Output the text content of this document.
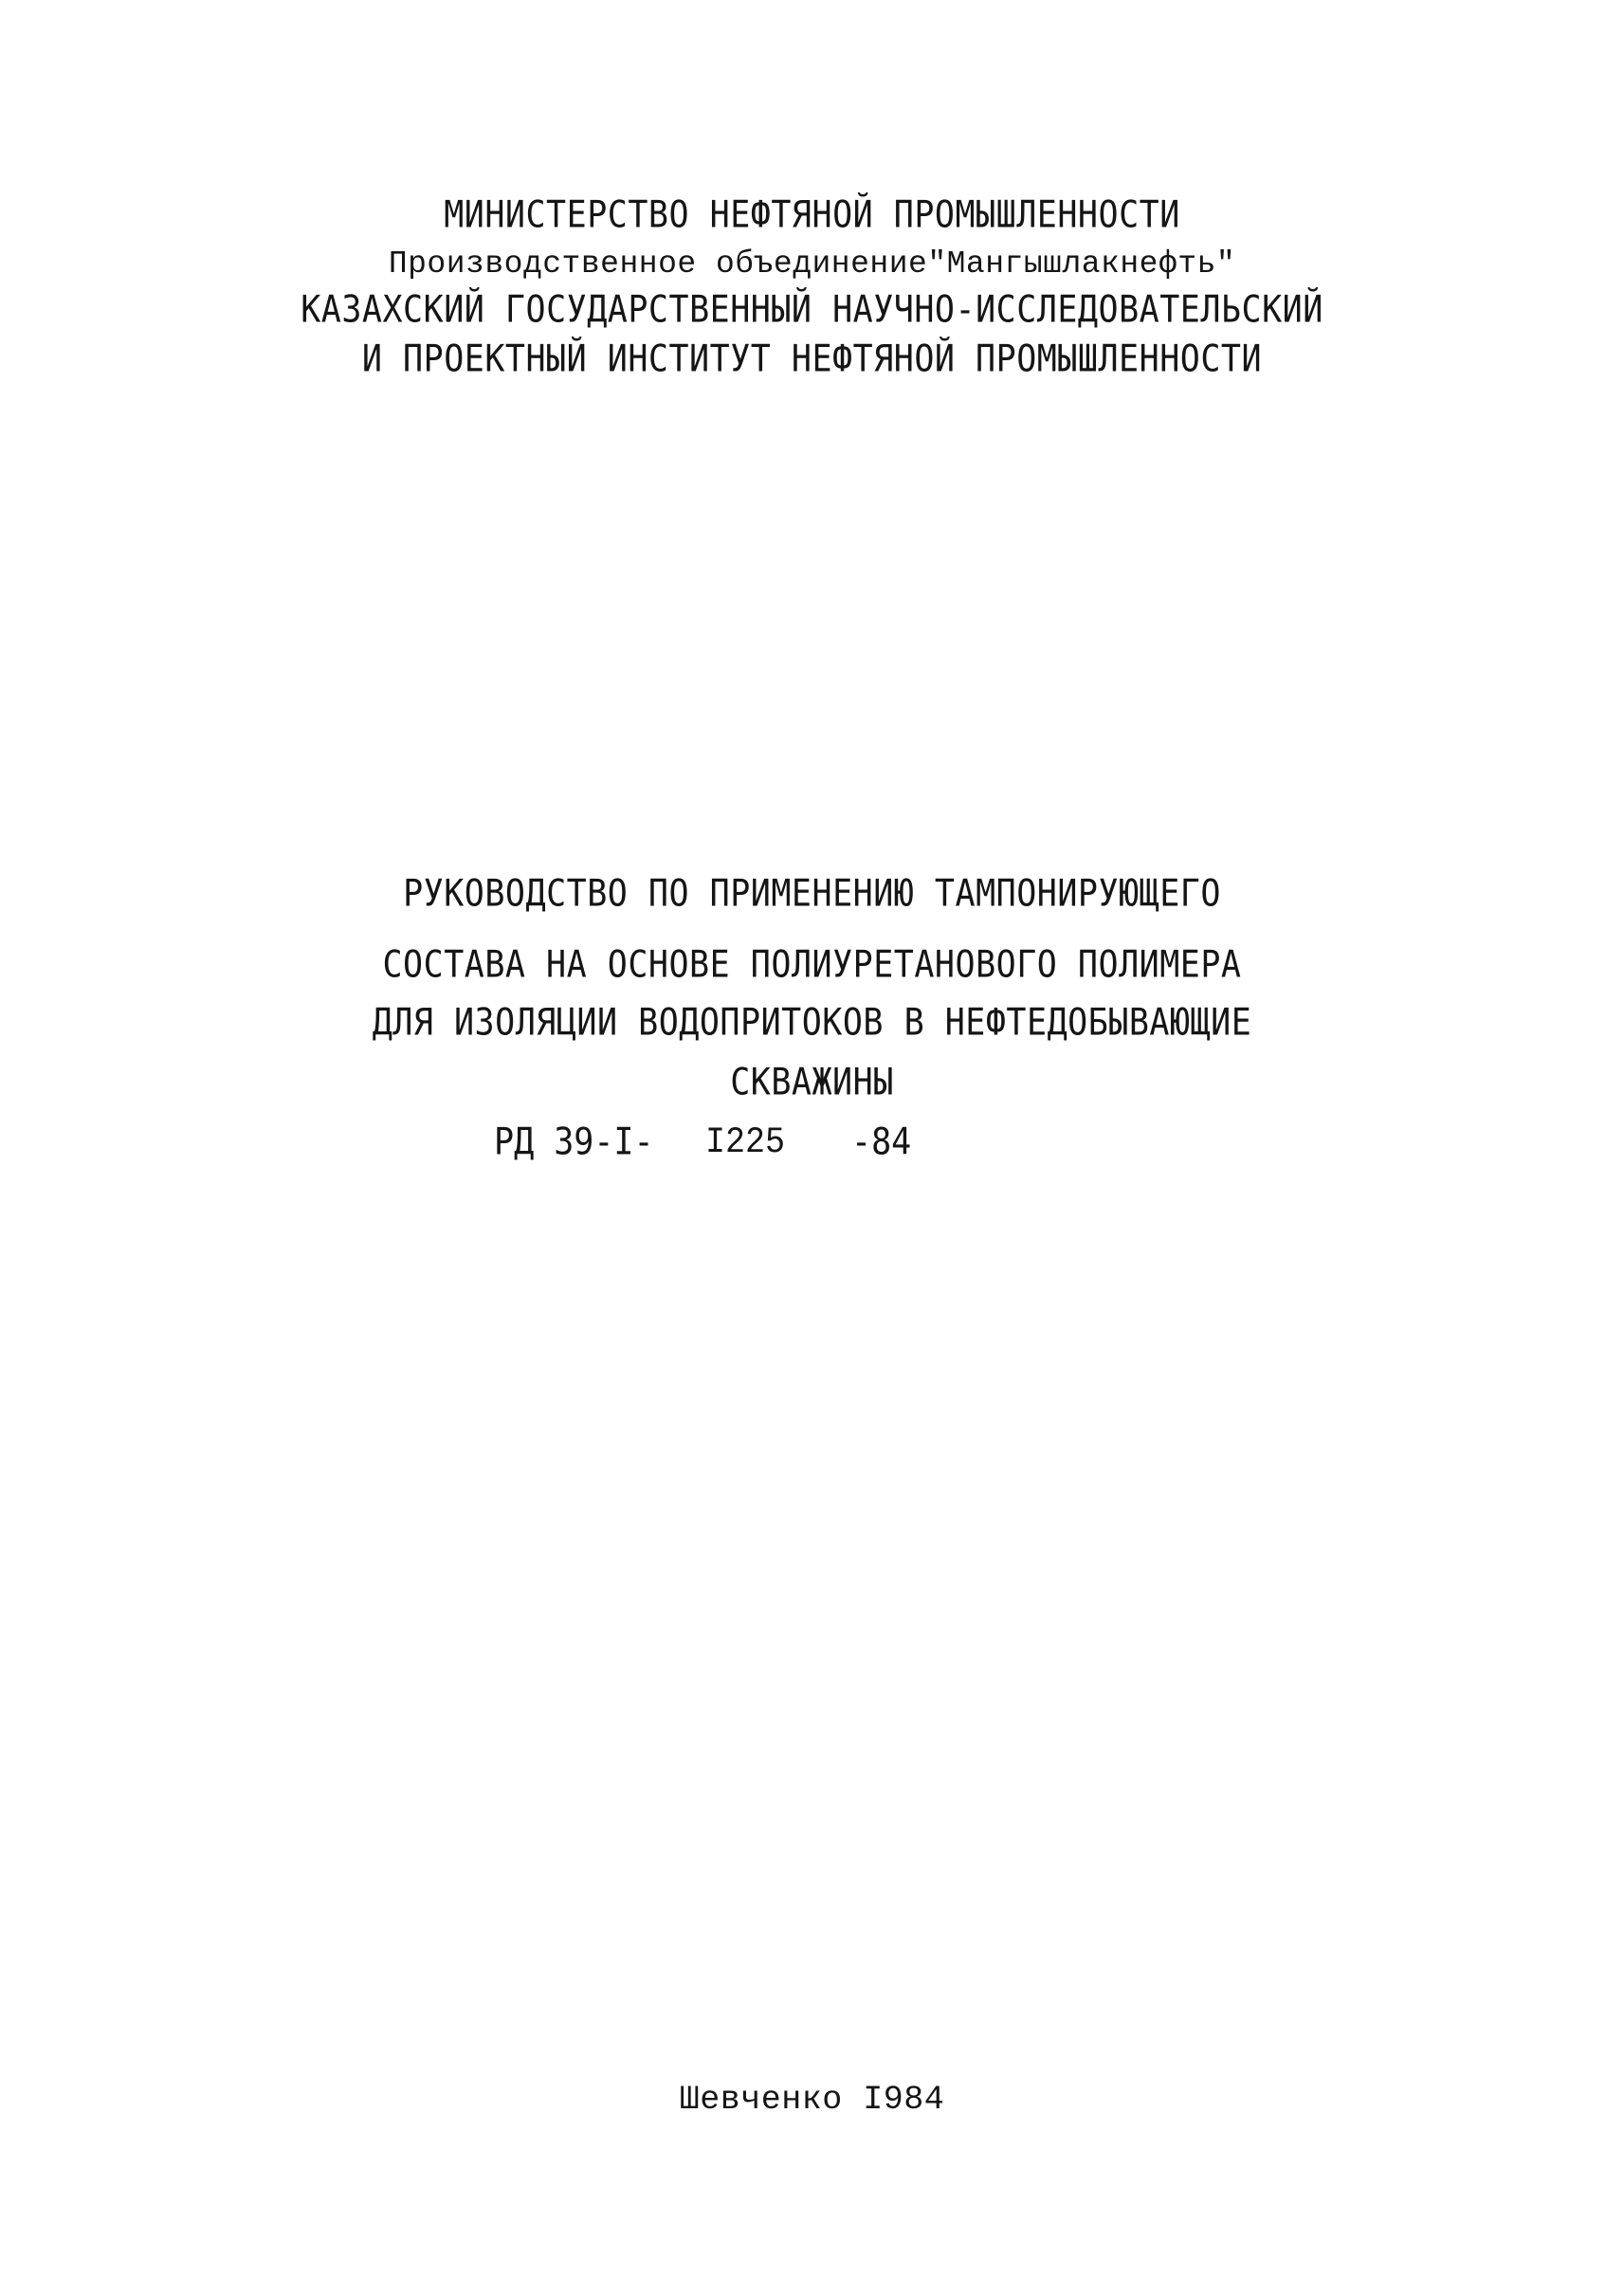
МИНИСТЕРСТВО НЕФТЯНОЙ ПРОМЫШЛЕННОСТИ
Производственное объединение"Мангышлакнефть"
КАЗАХСКИЙ ГОСУДАРСТВЕННЫЙ НАУЧНО-ИССЛЕДОВАТЕЛЬСКИЙ
И ПРОЕКТНЫЙ ИНСТИТУТ НЕФТЯНОЙ ПРОМЫШЛЕННОСТИ
РУКОВОДСТВО ПО ПРИМЕНЕНИЮ ТАМПОНИРУЮЩЕГО
СОСТАВА НА ОСНОВЕ ПОЛИУРЕТАНОВОГО ПОЛИМЕРА
ДЛЯ ИЗОЛЯЦИИ ВОДОПРИТОКОВ В НЕФТЕДОБЫВАЮЩИЕ
СКВАЖИНЫ
РД 39-I- I225 -84
Шевченко I984
